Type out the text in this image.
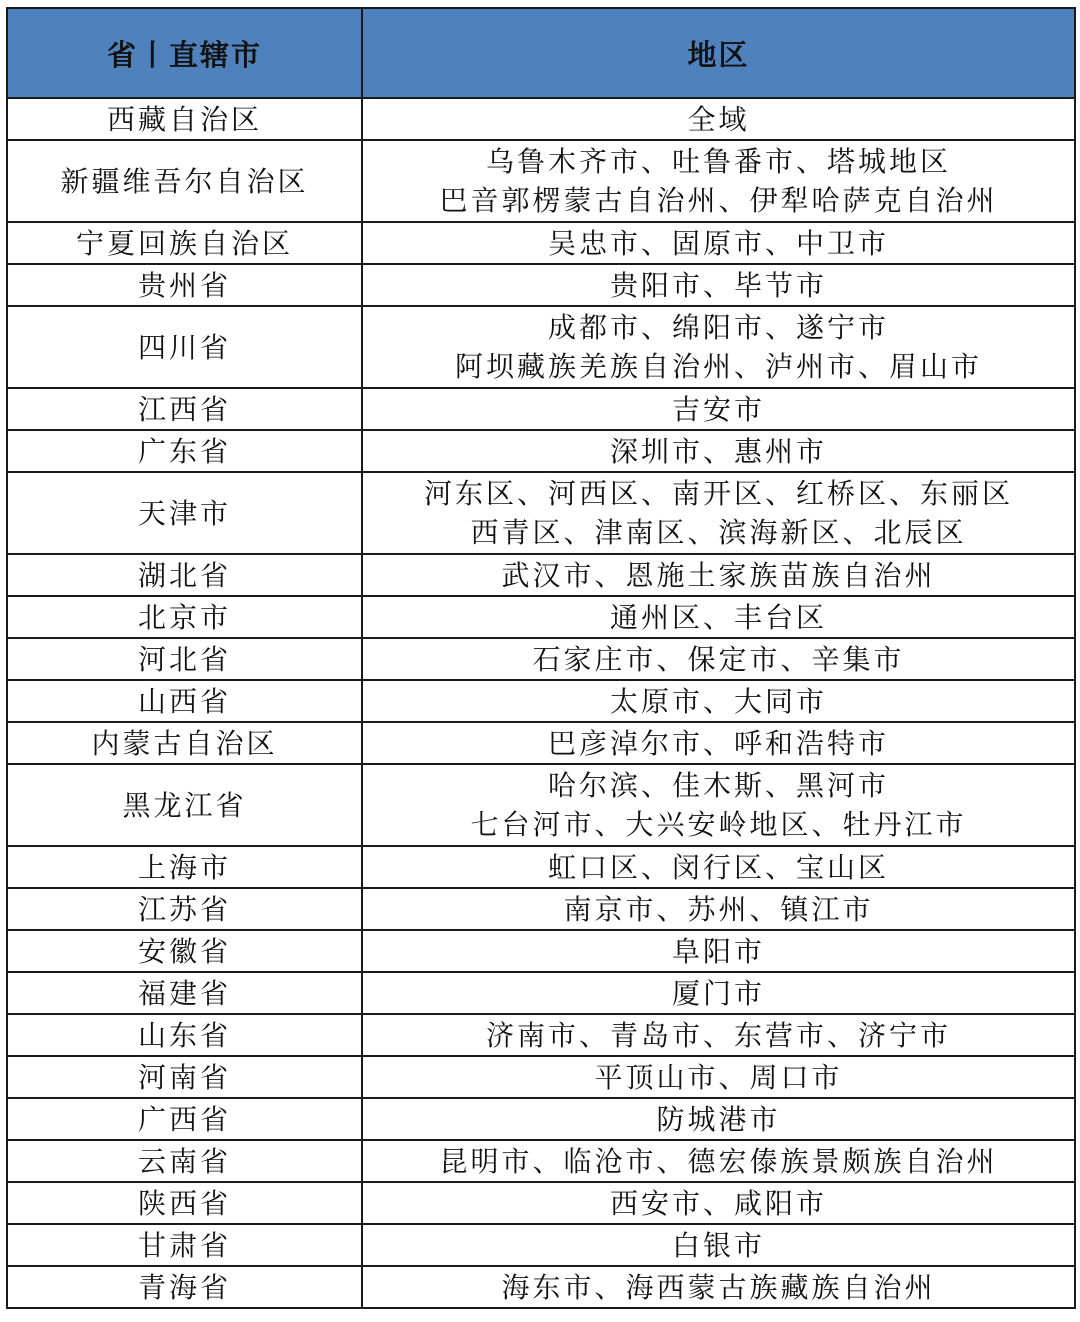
省丨直辖市	地区
西藏自治区	全域

新疆维吾尔自治区	乌鲁木齐市、吐鲁番市、塔城地区
巴音郭楞蒙古自治州、伊犁哈萨克自治州

宁夏回族自治区	吴忠市、固原市、中卫市

贵州省	贵阳市、毕节市

四川省	成都市、绵阳市、遂宁市
阿坝藏族羌族自治州、泸州市、眉山市

江西省	吉安市

广东省	深圳市、惠州市

天津市	河东区、河西区、南开区、红桥区、东丽区
西青区、津南区、滨海新区、北辰区

湖北省	武汉市、恩施土家族苗族自治州

北京市	通州区、丰台区

河北省	石家庄市、保定市、辛集市

山西省	太原市、大同市

内蒙古自治区	巴彦淖尔市、呼和浩特市

黑龙江省	哈尔滨、佳木斯、黑河市
七台河市、大兴安岭地区、牡丹江市

上海市	虹口区、闵行区、宝山区

江苏省	南京市、苏州、镇江市

安徽省	阜阳市

福建省	厦门市

山东省	济南市、青岛市、东营市、济宁市

河南省	平顶山市、周口市

广西省	防城港市

云南省	昆明市、临沧市、德宏傣族景颇族自治州

陕西省	西安市、咸阳市

甘肃省	白银市

青海省	海东市、海西蒙古族藏族自治州
